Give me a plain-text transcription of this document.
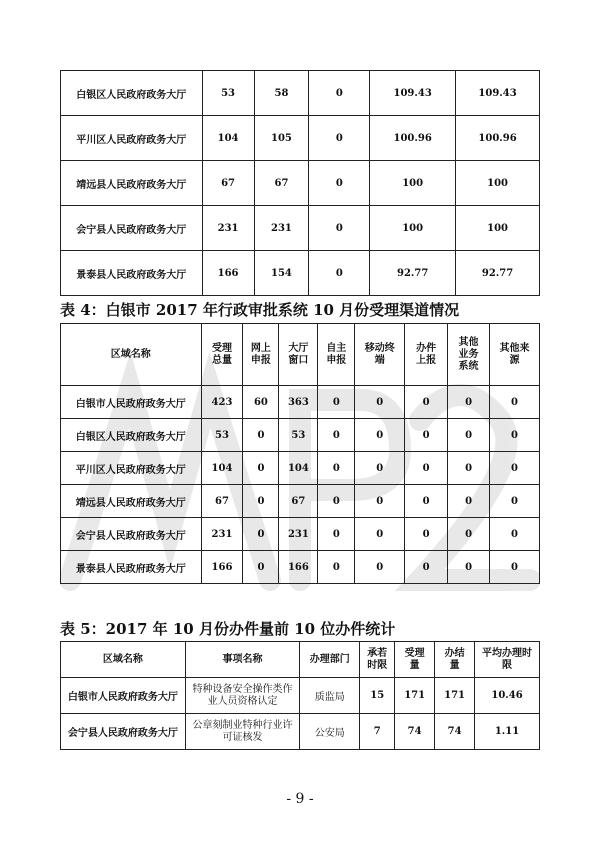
白银区人民政府政务大厅	53	58	0	109.43	109.43
平川区人民政府政务大厅	104	105	0	100.96	100.96
靖远县人民政府政务大厅	67	67	0	100	100
会宁县人民政府政务大厅	231	231	0	100	100
景泰县人民政府政务大厅	166	154	0	92.77	92.77
表 4：白银市 2017 年行政审批系统 10 月份受理渠道情况
区域名称	受理总量	网上申报	大厅窗口	自主申报	移动终端	办件上报	其他业务系统	其他来源
白银市人民政府政务大厅	423	60	363	0	0	0	0	0
白银区人民政府政务大厅	53	0	53	0	0	0	0	0
平川区人民政府政务大厅	104	0	104	0	0	0	0	0
靖远县人民政府政务大厅	67	0	67	0	0	0	0	0
会宁县人民政府政务大厅	231	0	231	0	0	0	0	0
景泰县人民政府政务大厅	166	0	166	0	0	0	0	0
表 5：2017 年 10 月份办件量前 10 位办件统计
区域名称	事项名称	办理部门	承若时限	受理量	办结量	平均办理时限
白银市人民政府政务大厅	特种设备安全操作类作业人员资格认定	质监局	15	171	171	10.46
会宁县人民政府政务大厅	公章刻制业特种行业许可证核发	公安局	7	74	74	1.11
- 9 -
